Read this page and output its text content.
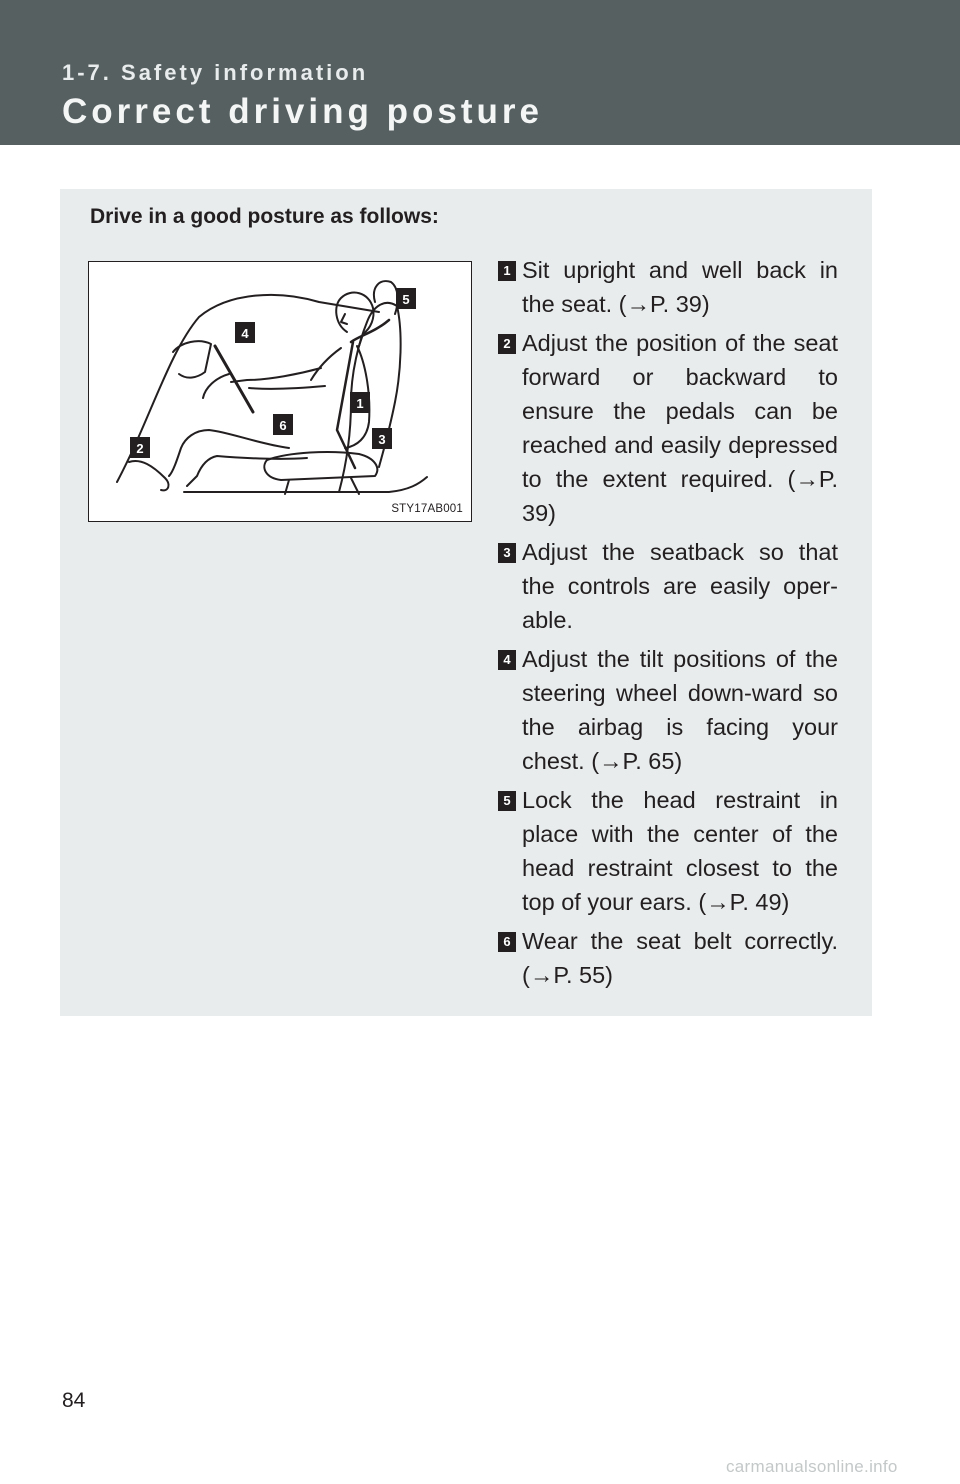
1-7. Safety information
Correct driving posture
Drive in a good posture as follows:
5
4
1
6
3
2
STY17AB001
1 Sit upright and well back in the seat. (→P. 39)
2 Adjust the position of the seat forward or backward to ensure the pedals can be reached and easily depressed to the extent required. (→P. 39)
3 Adjust the seatback so that the controls are easily oper-able.
4 Adjust the tilt positions of the steering wheel down-ward so the airbag is facing your chest. (→P. 65)
5 Lock the head restraint in place with the center of the head restraint closest to the top of your ears. (→P. 49)
6 Wear the seat belt correctly. (→P. 55)
84
carmanualsonline.info
